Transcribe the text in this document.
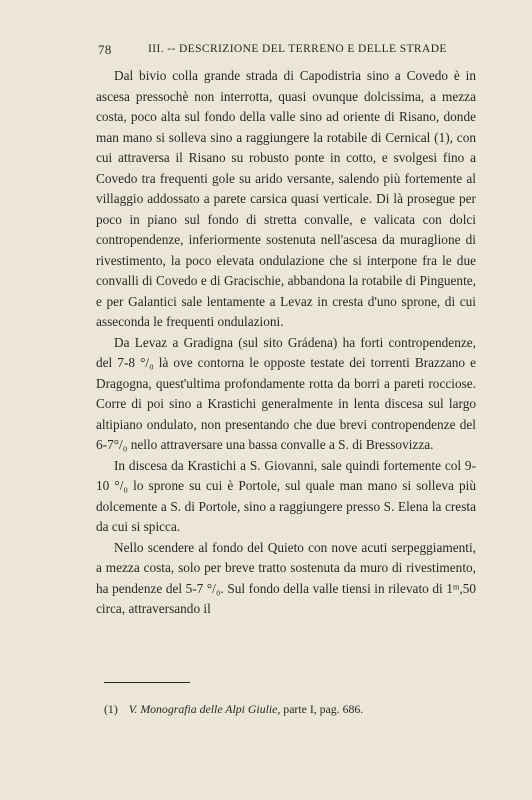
78	III. -- DESCRIZIONE DEL TERRENO E DELLE STRADE

Dal bivio colla grande strada di Capodistria sino a Covedo è in ascesa pressochè non interrotta, quasi ovunque dolcissima, a mezza costa, poco alta sul fondo della valle sino ad oriente di Risano, donde man mano si solleva sino a raggiungere la rotabile di Cernical (1), con cui attraversa il Risano su robusto ponte in cotto, e svolgesi fino a Covedo tra frequenti gole su arido versante, salendo più fortemente al villaggio addossato a parete carsica quasi verticale. Di là prosegue per poco in piano sul fondo di stretta convalle, e valicata con dolci contropendenze, inferiormente sostenuta nell'ascesa da muraglione di rivestimento, la poco elevata ondulazione che si interpone fra le due convalli di Covedo e di Gracischie, abbandona la rotabile di Pinguente, e per Galantici sale lentamente a Levaz in cresta d'uno sprone, di cui asseconda le frequenti ondulazioni.

Da Levaz a Gradigna (sul sito Grádena) ha forti contropendenze, del 7-8 °/₀ là ove contorna le opposte testate dei torrenti Brazzano e Dragogna, quest'ultima profondamente rotta da borri a pareti rocciose. Corre di poi sino a Krastichi generalmente in lenta discesa sul largo altipiano ondulato, non presentando che due brevi contropendenze del 6-7°/₀ nello attraversare una bassa convalle a S. di Bressovizza.

In discesa da Krastichi a S. Giovanni, sale quindi fortemente col 9-10 °/₀ lo sprone su cui è Portole, sul quale man mano si solleva più dolcemente a S. di Portole, sino a raggiungere presso S. Elena la cresta da cui si spicca.

Nello scendere al fondo del Quieto con nove acuti serpeggiamenti, a mezza costa, solo per breve tratto sostenuta da muro di rivestimento, ha pendenze del 5-7 °/₀. Sul fondo della valle tiensi in rilevato di 1ᵐ,50 circa, attraversando il

(1) V. Monografia delle Alpi Giulie, parte I, pag. 686.
